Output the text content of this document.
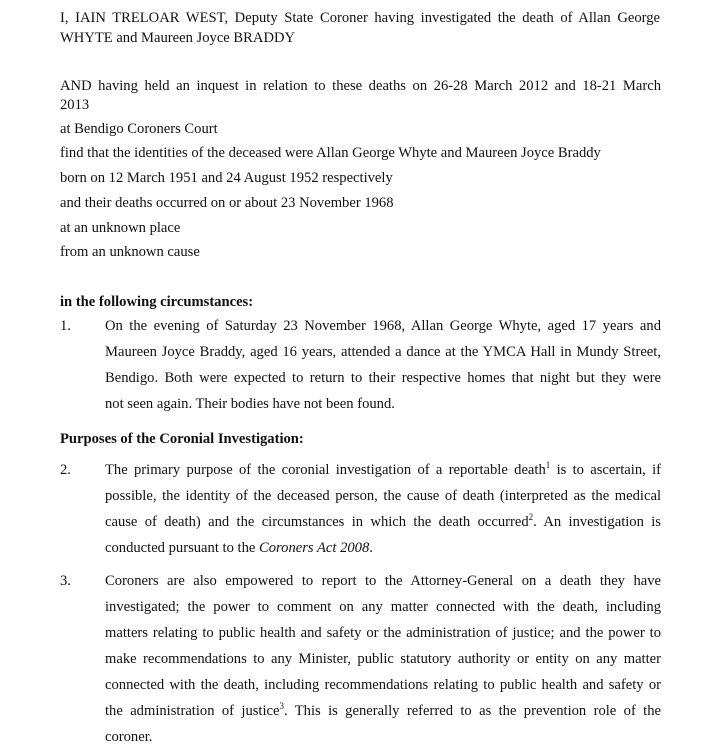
I, IAIN TRELOAR WEST, Deputy State Coroner having investigated the death of Allan George
WHYTE and Maureen Joyce BRADDY
AND having held an inquest in relation to these deaths on 26-28 March 2012 and 18-21 March
2013
at Bendigo Coroners Court
find that the identities of the deceased were Allan George Whyte and Maureen Joyce Braddy
born on 12 March 1951 and 24 August 1952 respectively
and their deaths occurred on or about 23 November 1968
at an unknown place
from an unknown cause
in the following circumstances:
1. On the evening of Saturday 23 November 1968, Allan George Whyte, aged 17 years and
Maureen Joyce Braddy, aged 16 years, attended a dance at the YMCA Hall in Mundy Street,
Bendigo. Both were expected to return to their respective homes that night but they were
not seen again. Their bodies have not been found.
Purposes of the Coronial Investigation:
2. The primary purpose of the coronial investigation of a reportable death$^1$ is to ascertain, if
possible, the identity of the deceased person, the cause of death (interpreted as the medical
cause of death) and the circumstances in which the death occurred$^2$. An investigation is
conducted pursuant to the Coroners Act 2008.
3. Coroners are also empowered to report to the Attorney-General on a death they have
investigated; the power to comment on any matter connected with the death, including
matters relating to public health and safety or the administration of justice; and the power to
make recommendations to any Minister, public statutory authority or entity on any matter
connected with the death, including recommendations relating to public health and safety or
the administration of justice$^3$. This is generally referred to as the prevention role of the
coroner.
